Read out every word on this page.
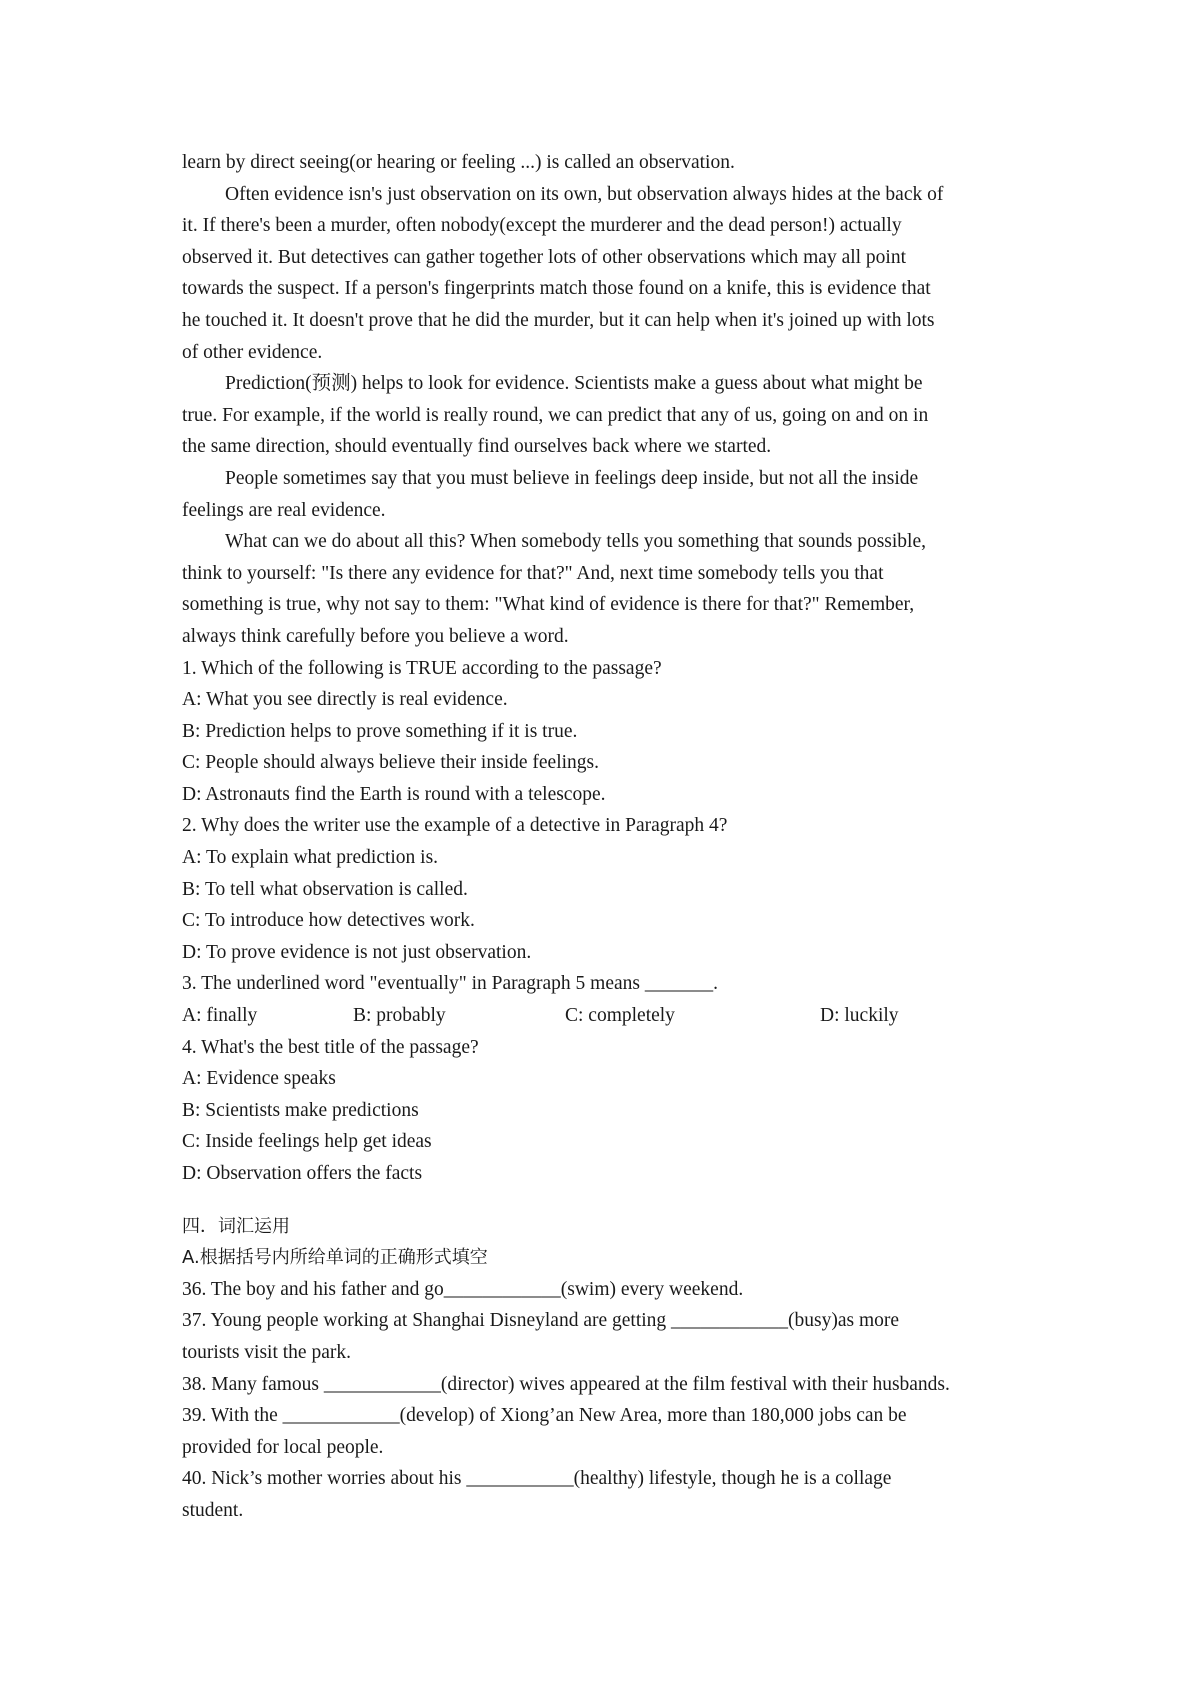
learn by direct seeing(or hearing or feeling ...) is called an observation.
Often evidence isn's just observation on its own, but observation always hides at the back of
it. If there's been a murder, often nobody(except the murderer and the dead person!) actually
observed it. But detectives can gather together lots of other observations which may all point
towards the suspect. If a person's fingerprints match those found on a knife, this is evidence that
he touched it. It doesn't prove that he did the murder, but it can help when it's joined up with lots
of other evidence.
Prediction(预测) helps to look for evidence. Scientists make a guess about what might be
true. For example, if the world is really round, we can predict that any of us, going on and on in
the same direction, should eventually find ourselves back where we started.
People sometimes say that you must believe in feelings deep inside, but not all the inside
feelings are real evidence.
What can we do about all this? When somebody tells you something that sounds possible,
think to yourself: "Is there any evidence for that?" And, next time somebody tells you that
something is true, why not say to them: "What kind of evidence is there for that?" Remember,
always think carefully before you believe a word.
1. Which of the following is TRUE according to the passage?
A: What you see directly is real evidence.
B: Prediction helps to prove something if it is true.
C: People should always believe their inside feelings.
D: Astronauts find the Earth is round with a telescope.
2. Why does the writer use the example of a detective in Paragraph 4?
A: To explain what prediction is.
B: To tell what observation is called.
C: To introduce how detectives work.
D: To prove evidence is not just observation.
3. The underlined word "eventually" in Paragraph 5 means _______.
A: finally	B: probably	C: completely	D: luckily
4. What's the best title of the passage?
A: Evidence speaks
B: Scientists make predictions
C: Inside feelings help get ideas
D: Observation offers the facts
四．词汇运用
A.根据括号内所给单词的正确形式填空
36. The boy and his father and go____________(swim) every weekend.
37. Young people working at Shanghai Disneyland are getting ____________(busy)as more
tourists visit the park.
38. Many famous ____________(director) wives appeared at the film festival with their husbands.
39. With the ____________(develop) of Xiong’an New Area, more than 180,000 jobs can be
provided for local people.
40. Nick’s mother worries about his ___________(healthy) lifestyle, though he is a collage
student.
